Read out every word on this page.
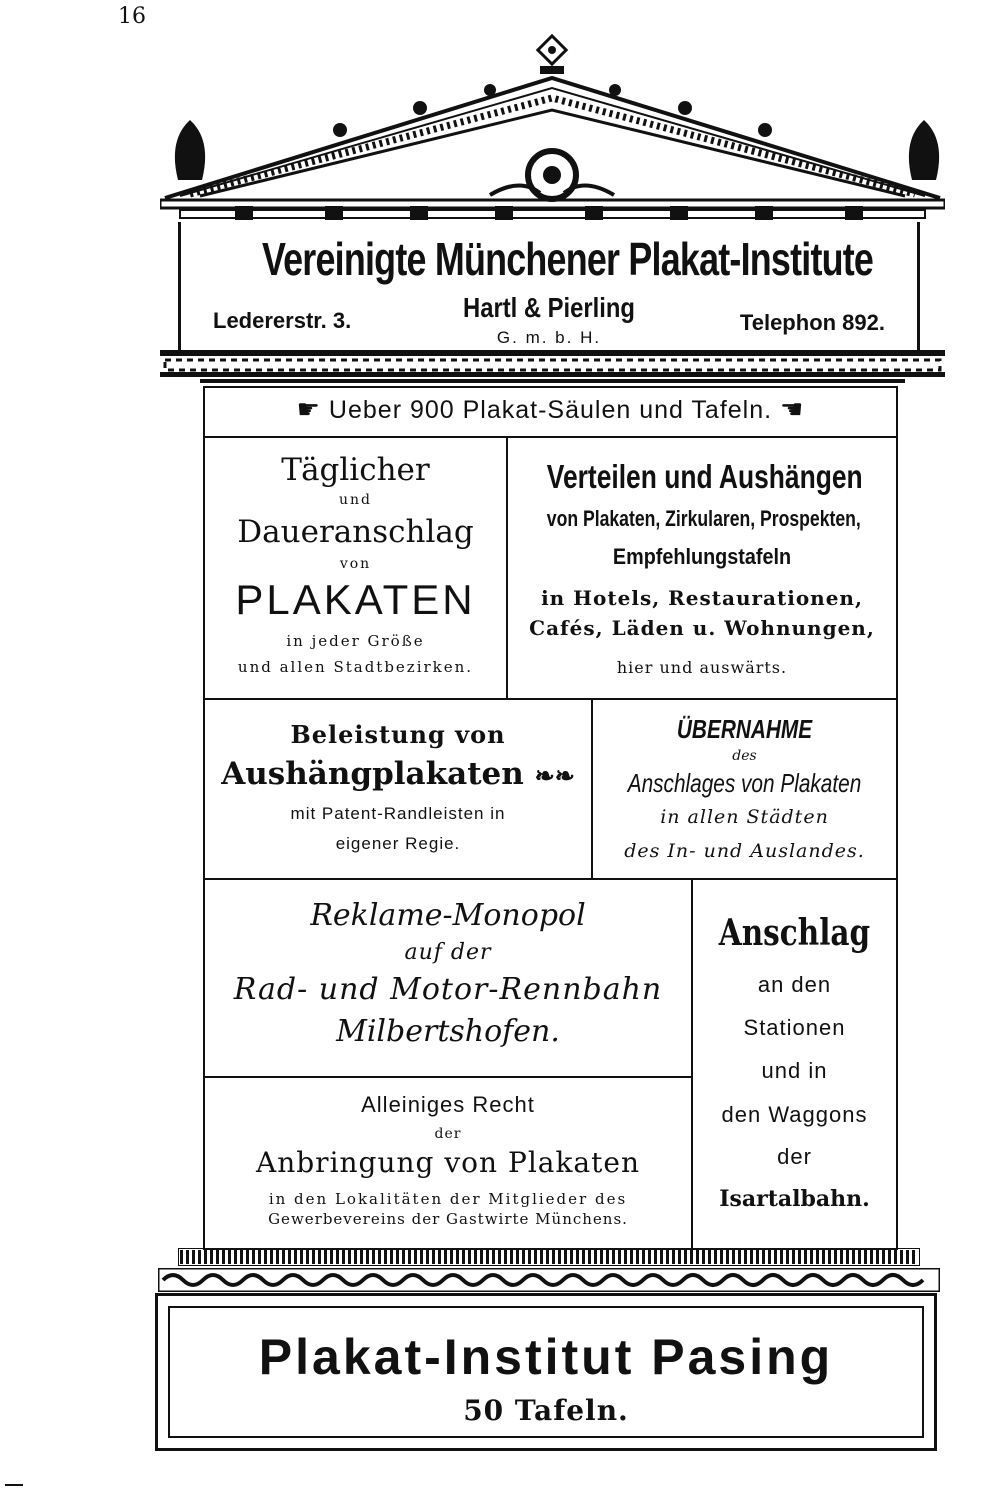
16
Vereinigte Münchener Plakat-Institute
Ledererstr. 3.	Hartl & Pierling
G. m. b. H.
Telephon 892.
☛ Ueber 900 Plakat-Säulen und Tafeln. ☚
Täglicher
und
Daueranschlag
von
PLAKATEN
in jeder Größe
und allen Stadtbezirken.
Verteilen und Aushängen
von Plakaten, Zirkularen, Prospekten,
Empfehlungstafeln
in Hotels, Restaurationen,
Cafés, Läden u. Wohnungen,
hier und auswärts.
Beleistung von
Aushängplakaten ❧❧
mit Patent-Randleisten in
eigener Regie.
ÜBERNAHME
des
Anschlages von Plakaten
in allen Städten
des In- und Auslandes.
Reklame-Monopol
auf der
Rad- und Motor-Rennbahn
Milbertshofen.
Alleiniges Recht
der
Anbringung von Plakaten
in den Lokalitäten der Mitglieder des
Gewerbevereins der Gastwirte Münchens.
Anschlag
an den
Stationen
und in
den Waggons
der
Isartalbahn.
Plakat-Institut Pasing
50 Tafeln.
